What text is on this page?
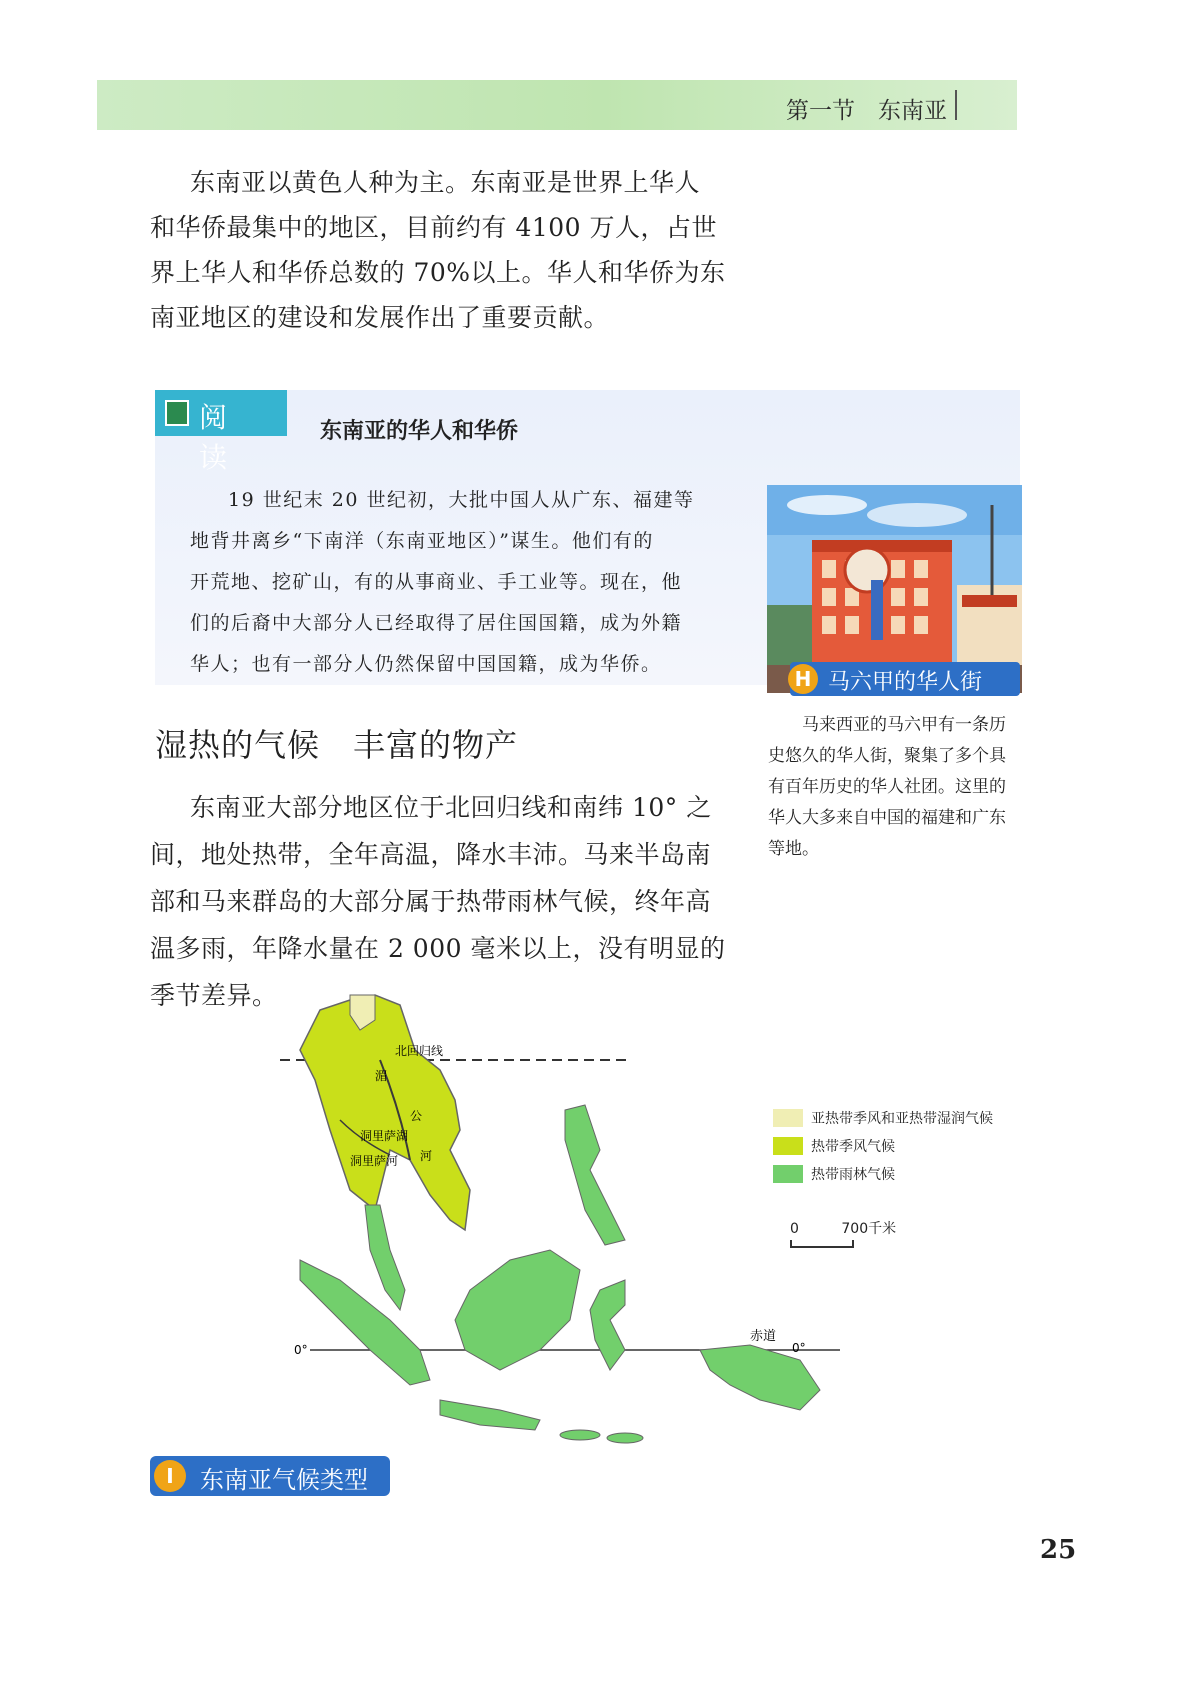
第一节　东南亚
东南亚以黄色人种为主。东南亚是世界上华人
和华侨最集中的地区，目前约有 4100 万人，占世
界上华人和华侨总数的 70%以上。华人和华侨为东
南亚地区的建设和发展作出了重要贡献。
阅 读
东南亚的华人和华侨
19 世纪末 20 世纪初，大批中国人从广东、福建等
地背井离乡“下南洋（东南亚地区）”谋生。他们有的
开荒地、挖矿山，有的从事商业、手工业等。现在，他
们的后裔中大部分人已经取得了居住国国籍，成为外籍
华人；也有一部分人仍然保留中国国籍，成为华侨。
H 马六甲的华人街
马来西亚的马六甲有一条历
史悠久的华人街，聚集了多个具
有百年历史的华人社团。这里的
华人大多来自中国的福建和广东
等地。
湿热的气候　丰富的物产
东南亚大部分地区位于北回归线和南纬 10° 之
间，地处热带，全年高温，降水丰沛。马来半岛南
部和马来群岛的大部分属于热带雨林气候，终年高
温多雨，年降水量在 2 000 毫米以上，没有明显的
季节差异。
北回归线
0°
赤道
0°
湄
公
河
洞里萨湖
洞里萨河
亚热带季风和亚热带湿润气候
热带季风气候
热带雨林气候
0	700千米
I	东南亚气候类型
25
